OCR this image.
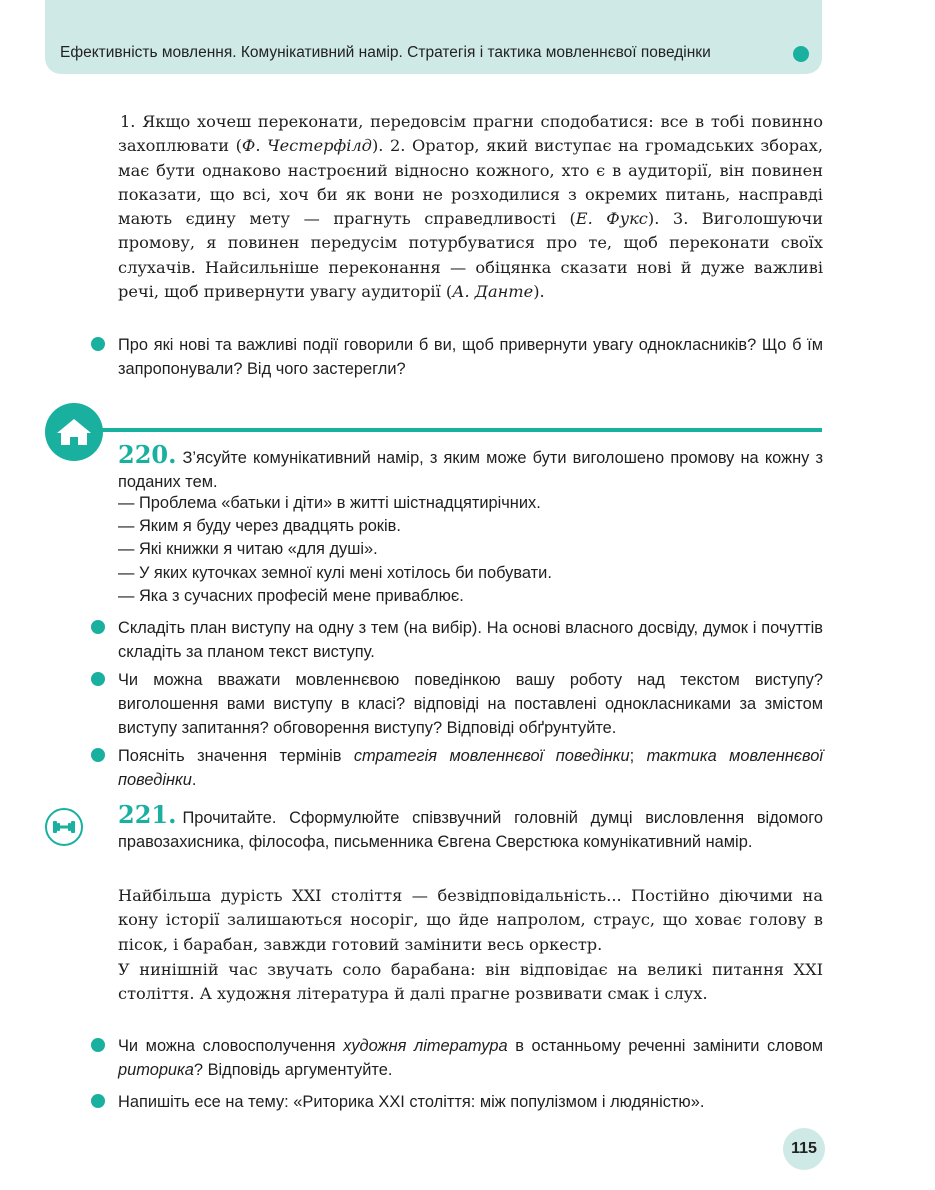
Ефективність мовлення. Комунікативний намір. Стратегія і тактика мовленнєвої поведінки

1. Якщо хочеш переконати, передовсім прагни сподобатися: все в тобі повинно захоплювати (Ф. Честерфілд). 2. Оратор, який виступає на громадських зборах, має бути однаково настроєний відносно кожного, хто є в аудиторії, він повинен показати, що всі, хоч би як вони не розходилися з окремих питань, насправді мають єдину мету — прагнуть справедливості (Е. Фукс). 3. Виголошуючи промову, я повинен передусім потурбуватися про те, щоб переконати своїх слухачів. Найсильніше переконання — обіцянка сказати нові й дуже важливі речі, щоб привернути увагу аудиторії (А. Данте).

Про які нові та важливі події говорили б ви, щоб привернути увагу однокласників? Що б їм запропонували? Від чого застерегли?

220. З’ясуйте комунікативний намір, з яким може бути виголошено промову на кожну з поданих тем.

— Проблема «батьки і діти» в житті шістнадцятирічних.
— Яким я буду через двадцять років.
— Які книжки я читаю «для душі».
— У яких куточках земної кулі мені хотілось би побувати.
— Яка з сучасних професій мене приваблює.

Складіть план виступу на одну з тем (на вибір). На основі власного досвіду, думок і почуттів складіть за планом текст виступу.

Чи можна вважати мовленнєвою поведінкою вашу роботу над текстом виступу? виголошення вами виступу в класі? відповіді на поставлені однокласниками за змістом виступу запитання? обговорення виступу? Відповіді обґрунтуйте.

Поясніть значення термінів стратегія мовленнєвої поведінки; тактика мовленнєвої поведінки.

221. Прочитайте. Сформулюйте співзвучний головній думці висловлення відомого правозахисника, філософа, письменника Євгена Сверстюка комунікативний намір.

Найбільша дурість XXI століття — безвідповідальність... Постійно діючими на кону історії залишаються носоріг, що йде напролом, страус, що ховає голову в пісок, і барабан, завжди готовий замінити весь оркестр.

У нинішній час звучать соло барабана: він відповідає на великі питання XXI століття. А художня література й далі прагне розвивати смак і слух.

Чи можна словосполучення художня література в останньому реченні замінити словом риторика? Відповідь аргументуйте.

Напишіть есе на тему: «Риторика XXI століття: між популізмом і людяністю».

115
